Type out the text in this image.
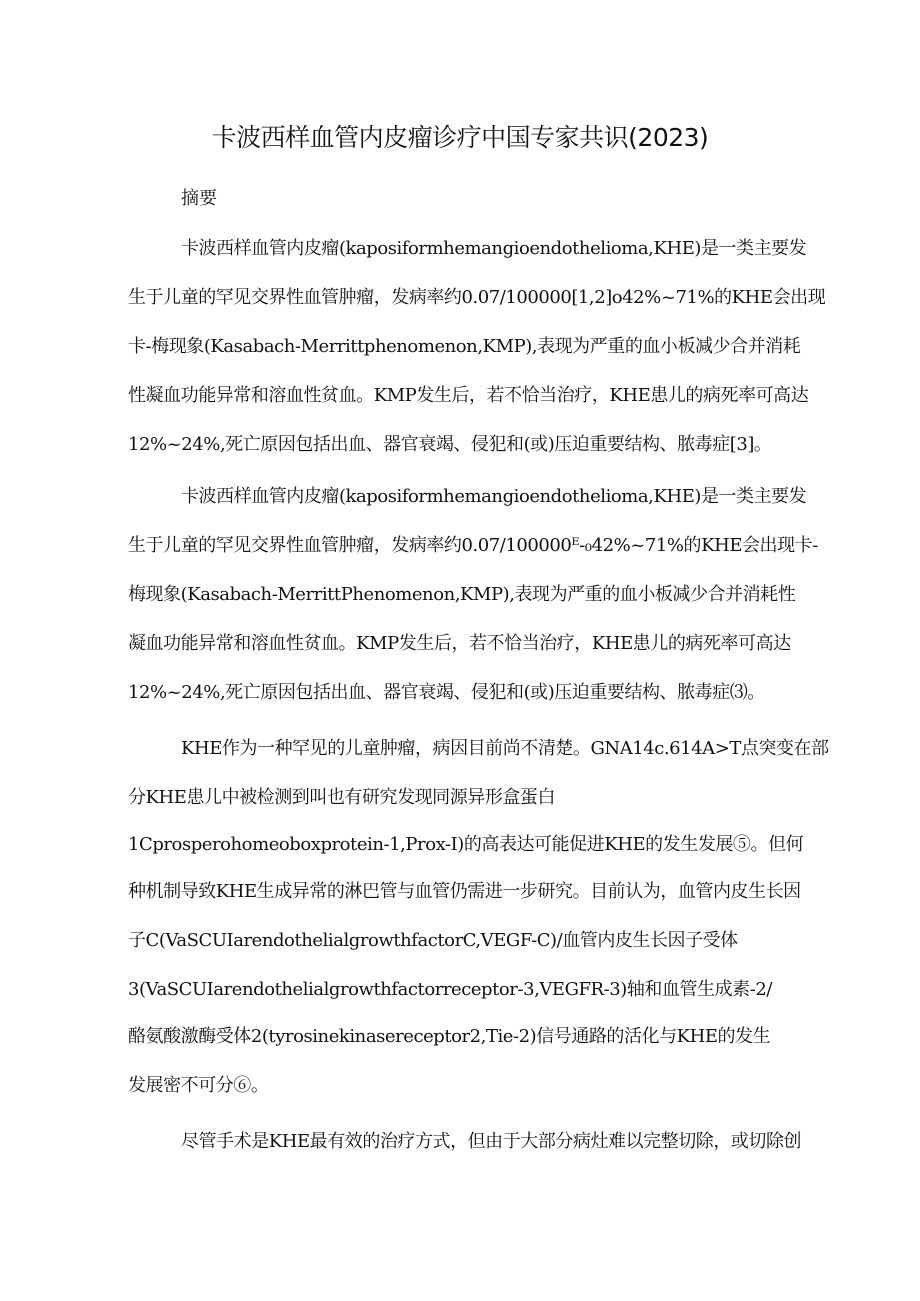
卡波西样血管内皮瘤诊疗中国专家共识(2023)
摘要
卡波西样血管内皮瘤(kaposiformhemangioendothelioma,KHE)是一类主要发
生于儿童的罕见交界性血管肿瘤，发病率约0.07/100000[1,2]o42%~71%的KHE会出现
卡-梅现象(Kasabach-Merrittphenomenon,KMP),表现为严重的血小板减少合并消耗
性凝血功能异常和溶血性贫血。KMP发生后，若不恰当治疗，KHE患儿的病死率可高达
12%~24%,死亡原因包括出血、器官衰竭、侵犯和(或)压迫重要结构、脓毒症[3]。
卡波西样血管内皮瘤(kaposiformhemangioendothelioma,KHE)是一类主要发
生于儿童的罕见交界性血管肿瘤，发病率约0.07/100000ᴱ-₀42%~71%的KHE会出现卡-
梅现象(Kasabach-MerrittPhenomenon,KMP),表现为严重的血小板减少合并消耗性
凝血功能异常和溶血性贫血。KMP发生后，若不恰当治疗，KHE患儿的病死率可高达
12%~24%,死亡原因包括出血、器官衰竭、侵犯和(或)压迫重要结构、脓毒症⑶。
KHE作为一种罕见的儿童肿瘤，病因目前尚不清楚。GNA14c.614A>T点突变在部
分KHE患儿中被检测到叫也有研究发现同源异形盒蛋白
1Cprosperohomeoboxprotein-1,Prox-I)的高表达可能促进KHE的发生发展⑤。但何
种机制导致KHE生成异常的淋巴管与血管仍需进一步研究。目前认为，血管内皮生长因
子C(VaSCUIarendothelialgrowthfactorC,VEGF-C)/血管内皮生长因子受体
3(VaSCUIarendothelialgrowthfactorreceptor-3,VEGFR-3)轴和血管生成素-2/
酪氨酸激酶受体2(tyrosinekinasereceptor2,Tie-2)信号通路的活化与KHE的发生
发展密不可分⑥。
尽管手术是KHE最有效的治疗方式，但由于大部分病灶难以完整切除，或切除创
